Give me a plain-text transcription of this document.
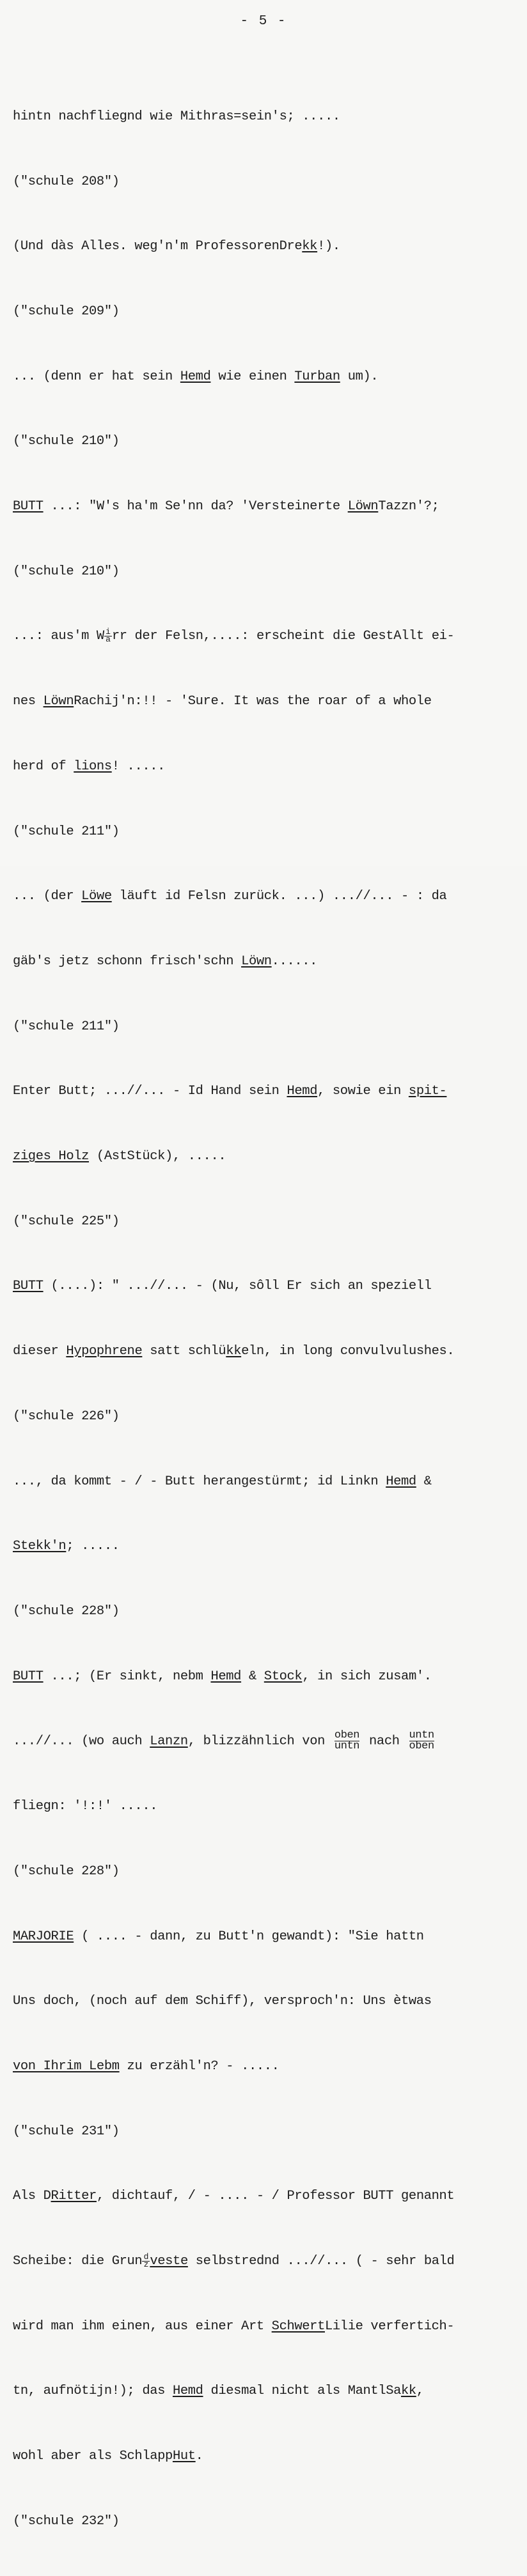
- 5 -

hintn nachfliegnd wie Mithras=sein's; .....

("schule 208")

(Und dàs Alles. weg'n'm ProfessorenDrekk!).

("schule 209")

... (denn er hat sein Hemd wie einen Turban um).

("schule 210")

BUTT ...: "W's ha'm Se'nn da? 'Versteinerte LöwnTazzn'?;

("schule 210")

...: aus'm W $\frac{i}{a}$ rr der Felsn,....: erscheint die GestAllt ei-

nes LöwnRachij'n:!! - 'Sure. It was the roar of a whole

herd of lions! .....

("schule 211")

... (der Löwe läuft id Felsn zurück. ...) ...//... - : da

gäb's jetz schonn frisch'schn Löwn......

("schule 211")

Enter Butt; ...//... - Id Hand sein Hemd, sowie ein spit-

ziges Holz (AstStück), .....

("schule 225")

BUTT (....): " ...//... - (Nu, sôll Er sich an speziell

dieser Hypophrene satt schlükkeln, in long convulvulushes.

("schule 226")

..., da kommt - / - Butt herangestürmt; id Linkn Hemd &

Stekk'n; .....

("schule 228")

BUTT ...; (Er sinkt, nebm Hemd & Stock, in sich zusam'.

...//... (wo auch Lanzn, blizzähnlich von $\frac{\text{oben}}{\text{untn}}$ nach $\frac{\text{untn}}{\text{oben}}$

fliegn: '!:!' .....

("schule 228")

MARJORIE ( .... - dann, zu Butt'n gewandt): "Sie hattn

Uns doch, (noch auf dem Schiff), versproch'n: Uns ètwas

von Ihrim Lebm zu erzähl'n? - .....

("schule 231")

Als DRitter, dichtauf, / - .... - / Professor BUTT genannt

Scheibe: die Grun $\frac{d}{z}$ veste selbstrednd ...//... ( - sehr bald

wird man ihm einen, aus einer Art SchwertLilie verfertich-

tn, aufnötijn!); das Hemd diesmal nicht als MantlSakk,

wohl aber als SchlappHut.

("schule 232")
